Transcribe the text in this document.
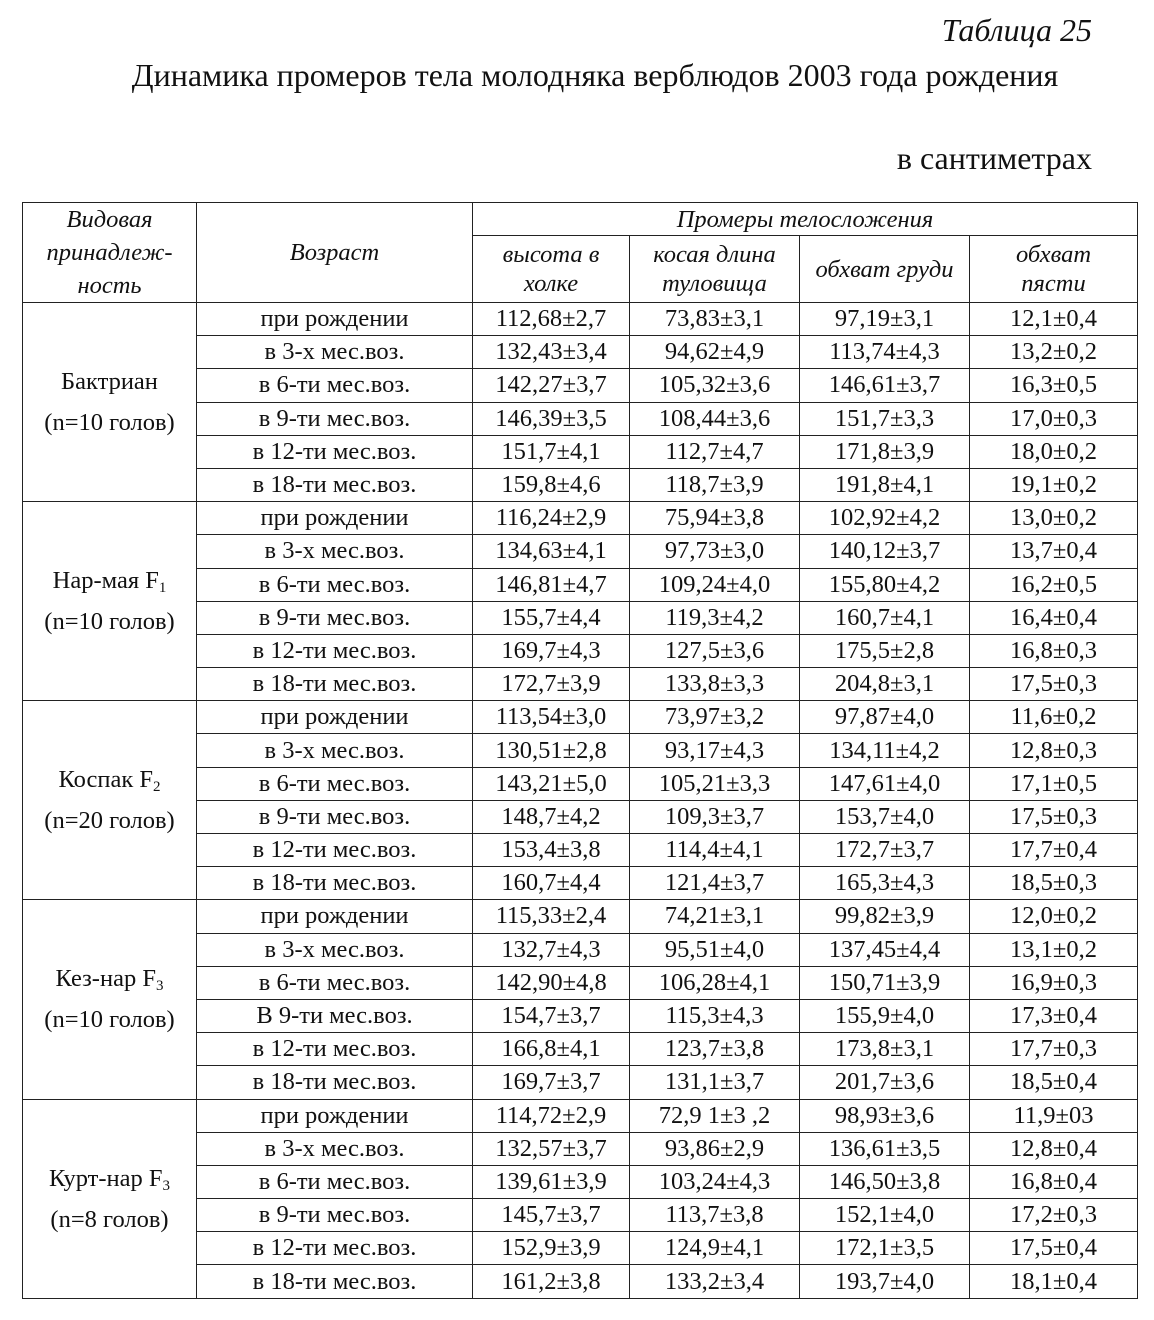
Таблица 25
Динамика промеров тела молодняка верблюдов 2003 года рождения
в сантиметрах
Видовая принадлеж-ность	Возраст	Промеры телосложения			
		высота в холке	косая длина туловища	обхват груди	обхват пясти

Бактриан
(n=10 голов)	при рождении	112,68±2,7	73,83±3,1	97,19±3,1	12,1±0,4
	в 3-х мес.воз.	132,43±3,4	94,62±4,9	113,74±4,3	13,2±0,2
	в 6-ти мес.воз.	142,27±3,7	105,32±3,6	146,61±3,7	16,3±0,5
	в 9-ти мес.воз.	146,39±3,5	108,44±3,6	151,7±3,3	17,0±0,3
	в 12-ти мес.воз.	151,7±4,1	112,7±4,7	171,8±3,9	18,0±0,2
	в 18-ти мес.воз.	159,8±4,6	118,7±3,9	191,8±4,1	19,1±0,2

Нар-мая $F_1$
(n=10 голов)	при рождении	116,24±2,9	75,94±3,8	102,92±4,2	13,0±0,2
	в 3-х мес.воз.	134,63±4,1	97,73±3,0	140,12±3,7	13,7±0,4
	в 6-ти мес.воз.	146,81±4,7	109,24±4,0	155,80±4,2	16,2±0,5
	в 9-ти мес.воз.	155,7±4,4	119,3±4,2	160,7±4,1	16,4±0,4
	в 12-ти мес.воз.	169,7±4,3	127,5±3,6	175,5±2,8	16,8±0,3
	в 18-ти мес.воз.	172,7±3,9	133,8±3,3	204,8±3,1	17,5±0,3

Коспак $F_2$
(n=20 голов)	при рождении	113,54±3,0	73,97±3,2	97,87±4,0	11,6±0,2
	в 3-х мес.воз.	130,51±2,8	93,17±4,3	134,11±4,2	12,8±0,3
	в 6-ти мес.воз.	143,21±5,0	105,21±3,3	147,61±4,0	17,1±0,5
	в 9-ти мес.воз.	148,7±4,2	109,3±3,7	153,7±4,0	17,5±0,3
	в 12-ти мес.воз.	153,4±3,8	114,4±4,1	172,7±3,7	17,7±0,4
	в 18-ти мес.воз.	160,7±4,4	121,4±3,7	165,3±4,3	18,5±0,3

Кез-нар $F_3$
(n=10 голов)	при рождении	115,33±2,4	74,21±3,1	99,82±3,9	12,0±0,2
	в 3-х мес.воз.	132,7±4,3	95,51±4,0	137,45±4,4	13,1±0,2
	в 6-ти мес.воз.	142,90±4,8	106,28±4,1	150,71±3,9	16,9±0,3
	В 9-ти мес.воз.	154,7±3,7	115,3±4,3	155,9±4,0	17,3±0,4
	в 12-ти мес.воз.	166,8±4,1	123,7±3,8	173,8±3,1	17,7±0,3
	в 18-ти мес.воз.	169,7±3,7	131,1±3,7	201,7±3,6	18,5±0,4

Курт-нар $F_3$
(n=8 голов)	при рождении	114,72±2,9	72,9 1±3 ,2	98,93±3,6	11,9±03
	в 3-х мес.воз.	132,57±3,7	93,86±2,9	136,61±3,5	12,8±0,4
	в 6-ти мес.воз.	139,61±3,9	103,24±4,3	146,50±3,8	16,8±0,4
	в 9-ти мес.воз.	145,7±3,7	113,7±3,8	152,1±4,0	17,2±0,3
	в 12-ти мес.воз.	152,9±3,9	124,9±4,1	172,1±3,5	17,5±0,4
	в 18-ти мес.воз.	161,2±3,8	133,2±3,4	193,7±4,0	18,1±0,4
